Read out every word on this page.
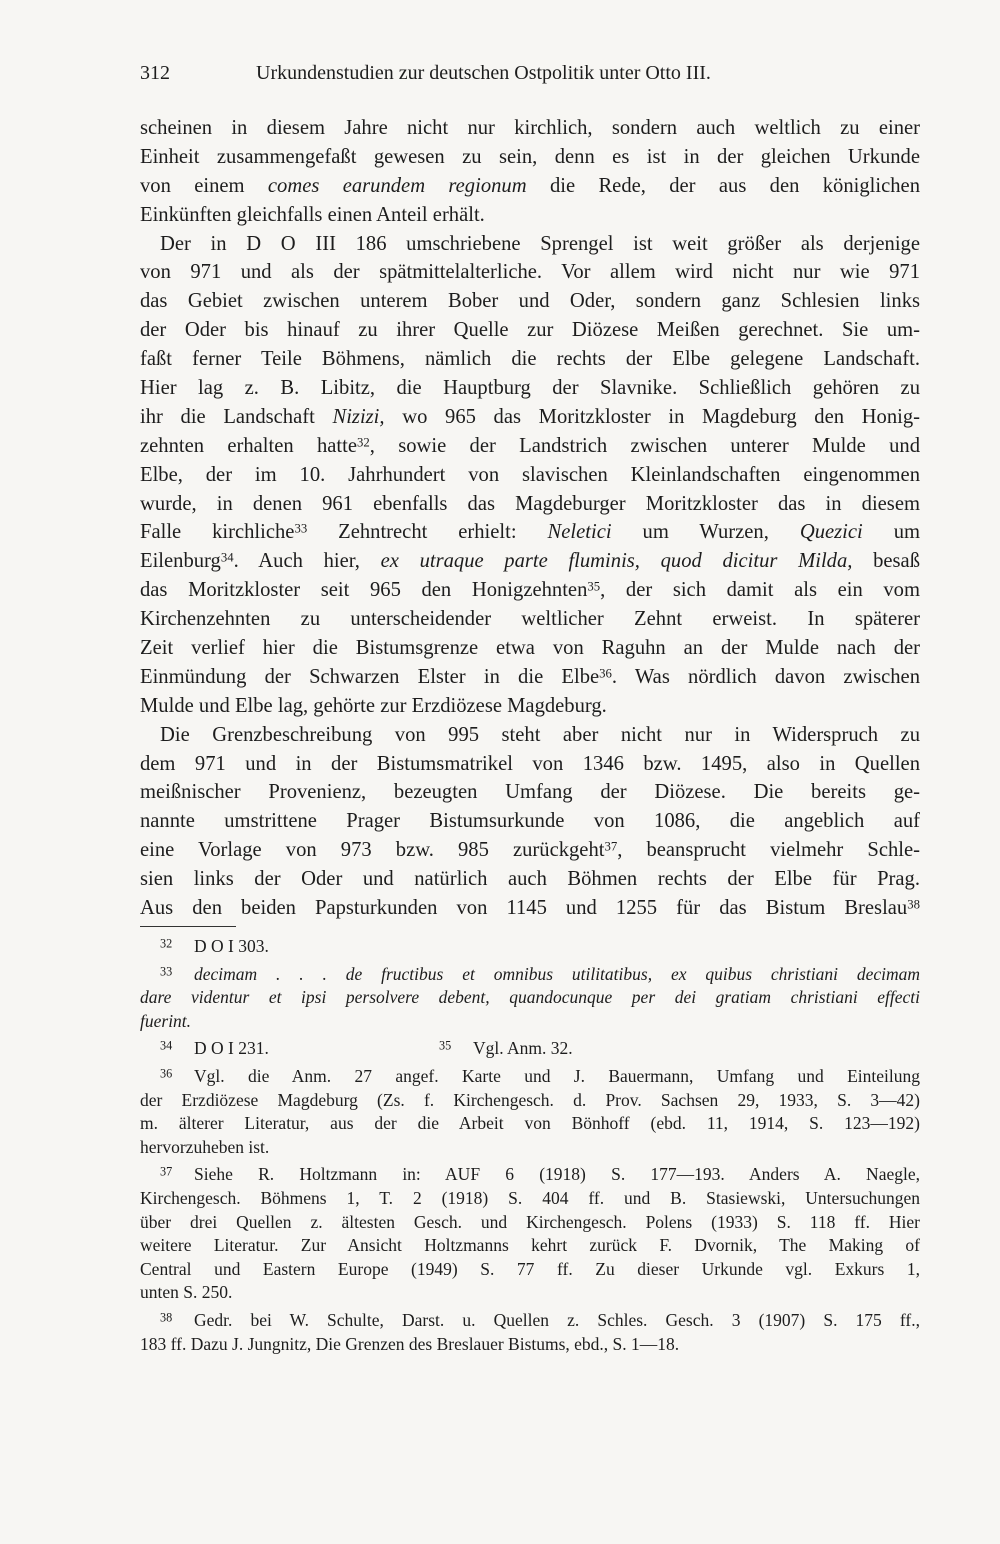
312	Urkundenstudien zur deutschen Ostpolitik unter Otto III.
scheinen in diesem Jahre nicht nur kirchlich, sondern auch weltlich zu einer
Einheit zusammengefaßt gewesen zu sein, denn es ist in der gleichen Urkunde
von einem comes earundem regionum die Rede, der aus den königlichen
Einkünften gleichfalls einen Anteil erhält.
Der in D O III 186 umschriebene Sprengel ist weit größer als derjenige
von 971 und als der spätmittelalterliche. Vor allem wird nicht nur wie 971
das Gebiet zwischen unterem Bober und Oder, sondern ganz Schlesien links
der Oder bis hinauf zu ihrer Quelle zur Diözese Meißen gerechnet. Sie um-
faßt ferner Teile Böhmens, nämlich die rechts der Elbe gelegene Landschaft.
Hier lag z. B. Libitz, die Hauptburg der Slavnike. Schließlich gehören zu
ihr die Landschaft Nizizi, wo 965 das Moritzkloster in Magdeburg den Honig-
zehnten erhalten hatte$^{32}$, sowie der Landstrich zwischen unterer Mulde und
Elbe, der im 10. Jahrhundert von slavischen Kleinlandschaften eingenommen
wurde, in denen 961 ebenfalls das Magdeburger Moritzkloster das in diesem
Falle kirchliche$^{33}$ Zehntrecht erhielt: Neletici um Wurzen, Quezici um
Eilenburg$^{34}$. Auch hier, ex utraque parte fluminis, quod dicitur Milda, besaß
das Moritzkloster seit 965 den Honigzehnten$^{35}$, der sich damit als ein vom
Kirchenzehnten zu unterscheidender weltlicher Zehnt erweist. In späterer
Zeit verlief hier die Bistumsgrenze etwa von Raguhn an der Mulde nach der
Einmündung der Schwarzen Elster in die Elbe$^{36}$. Was nördlich davon zwischen
Mulde und Elbe lag, gehörte zur Erzdiözese Magdeburg.
Die Grenzbeschreibung von 995 steht aber nicht nur in Widerspruch zu
dem 971 und in der Bistumsmatrikel von 1346 bzw. 1495, also in Quellen
meißnischer Provenienz, bezeugten Umfang der Diözese. Die bereits ge-
nannte umstrittene Prager Bistumsurkunde von 1086, die angeblich auf
eine Vorlage von 973 bzw. 985 zurückgeht$^{37}$, beansprucht vielmehr Schle-
sien links der Oder und natürlich auch Böhmen rechts der Elbe für Prag.
Aus den beiden Papsturkunden von 1145 und 1255 für das Bistum Breslau$^{38}$
$^{32}$ D O I 303.
$^{33}$ decimam . . . de fructibus et omnibus utilitatibus, ex quibus christiani decimam
dare videntur et ipsi persolvere debent, quandocunque per dei gratiam christiani effecti
fuerint.
$^{34}$ D O I 231.	$^{35}$ Vgl. Anm. 32.
$^{36}$ Vgl. die Anm. 27 angef. Karte und J. Bauermann, Umfang und Einteilung
der Erzdiözese Magdeburg (Zs. f. Kirchengesch. d. Prov. Sachsen 29, 1933, S. 3—42)
m. älterer Literatur, aus der die Arbeit von Bönhoff (ebd. 11, 1914, S. 123—192)
hervorzuheben ist.
$^{37}$ Siehe R. Holtzmann in: AUF 6 (1918) S. 177—193. Anders A. Naegle,
Kirchengesch. Böhmens 1, T. 2 (1918) S. 404 ff. und B. Stasiewski, Untersuchungen
über drei Quellen z. ältesten Gesch. und Kirchengesch. Polens (1933) S. 118 ff. Hier
weitere Literatur. Zur Ansicht Holtzmanns kehrt zurück F. Dvornik, The Making of
Central und Eastern Europe (1949) S. 77 ff. Zu dieser Urkunde vgl. Exkurs 1,
unten S. 250.
$^{38}$ Gedr. bei W. Schulte, Darst. u. Quellen z. Schles. Gesch. 3 (1907) S. 175 ff.,
183 ff. Dazu J. Jungnitz, Die Grenzen des Breslauer Bistums, ebd., S. 1—18.
